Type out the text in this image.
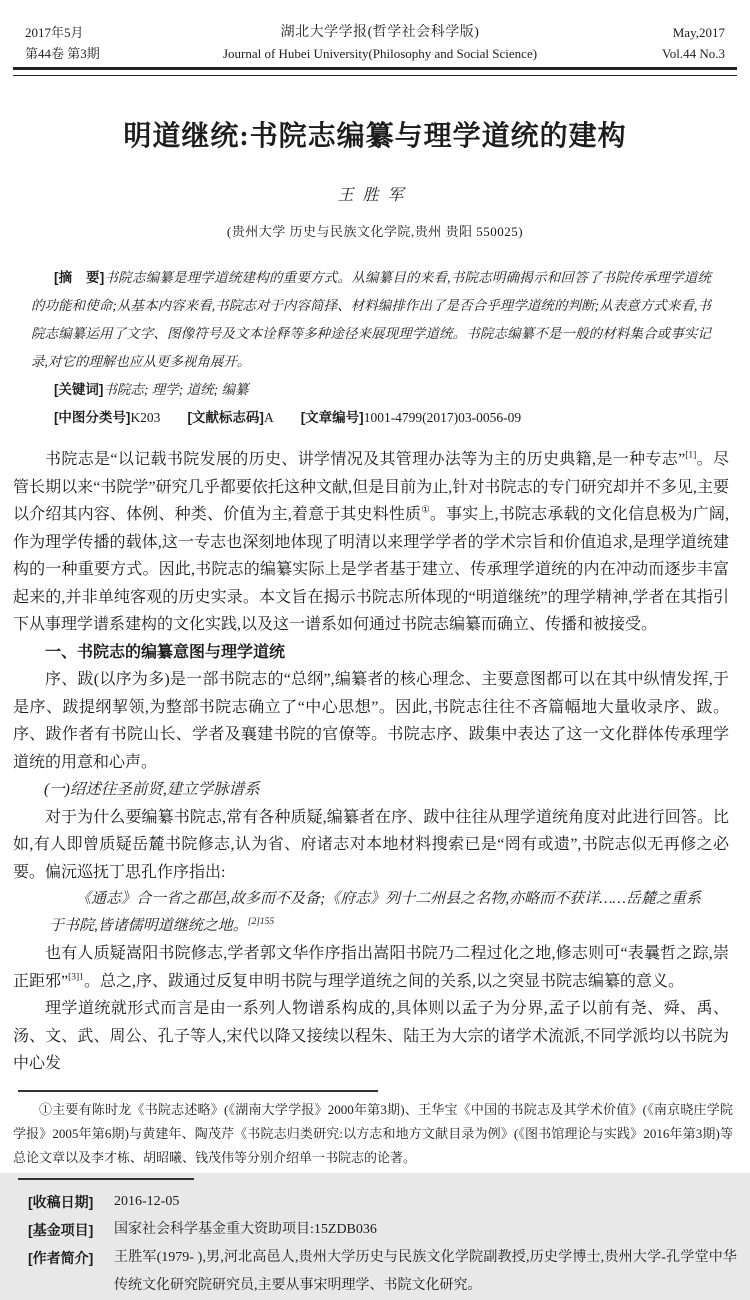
2017年5月
第44卷 第3期
湖北大学学报(哲学社会科学版)
Journal of Hubei University(Philosophy and Social Science)
May,2017
Vol.44 No.3
明道继统:书院志编纂与理学道统的建构
王胜军
(贵州大学 历史与民族文化学院,贵州 贵阳 550025)

[摘　要]书院志编纂是理学道统建构的重要方式。从编纂目的来看,书院志明确揭示和回答了书院传承理学道统的功能和使命;从基本内容来看,书院志对于内容简择、材料编排作出了是否合乎理学道统的判断;从表意方式来看,书院志编纂运用了文字、图像符号及文本诠释等多种途径来展现理学道统。书院志编纂不是一般的材料集合或事实记录,对它的理解也应从更多视角展开。

[关键词]书院志; 理学; 道统; 编纂

[中图分类号]K203 [文献标志码]A [文章编号]1001-4799(2017)03-0056-09

书院志是“以记载书院发展的历史、讲学情况及其管理办法等为主的历史典籍,是一种专志”[1]。尽管长期以来“书院学”研究几乎都要依托这种文献,但是目前为止,针对书院志的专门研究却并不多见,主要以介绍其内容、体例、种类、价值为主,着意于其史料性质①。事实上,书院志承载的文化信息极为广阔,作为理学传播的载体,这一专志也深刻地体现了明清以来理学学者的学术宗旨和价值追求,是理学道统建构的一种重要方式。因此,书院志的编纂实际上是学者基于建立、传承理学道统的内在冲动而逐步丰富起来的,并非单纯客观的历史实录。本文旨在揭示书院志所体现的“明道继统”的理学精神,学者在其指引下从事理学谱系建构的文化实践,以及这一谱系如何通过书院志编纂而确立、传播和被接受。

一、书院志的编纂意图与理学道统

序、跋(以序为多)是一部书院志的“总纲”,编纂者的核心理念、主要意图都可以在其中纵情发挥,于是序、跋提纲挈领,为整部书院志确立了“中心思想”。因此,书院志往往不吝篇幅地大量收录序、跋。序、跋作者有书院山长、学者及襄建书院的官僚等。书院志序、跋集中表达了这一文化群体传承理学道统的用意和心声。

(一)绍述往圣前贤,建立学脉谱系

对于为什么要编纂书院志,常有各种质疑,编纂者在序、跋中往往从理学道统角度对此进行回答。比如,有人即曾质疑岳麓书院修志,认为省、府诸志对本地材料搜索已是“罔有或遗”,书院志似无再修之必要。偏沅巡抚丁思孔作序指出:

《通志》合一省之郡邑,故多而不及备;《府志》列十二州县之名物,亦略而不获详……岳麓之重系于书院,皆诸儒明道继统之地。$^{[2]155}$

也有人质疑嵩阳书院修志,学者郭文华作序指出嵩阳书院乃二程过化之地,修志则可“表曩哲之踪,崇正距邪”$^{[3]1}$。总之,序、跋通过反复申明书院与理学道统之间的关系,以之突显书院志编纂的意义。

理学道统就形式而言是由一系列人物谱系构成的,具体则以孟子为分界,孟子以前有尧、舜、禹、汤、文、武、周公、孔子等人,宋代以降又接续以程朱、陆王为大宗的诸学术流派,不同学派均以书院为中心发

①主要有陈时龙《书院志述略》(《湖南大学学报》2000年第3期)、王华宝《中国的书院志及其学术价值》(《南京晓庄学院学报》2005年第6期)与黄建年、陶茂芹《书院志归类研究:以方志和地方文献目录为例》(《图书馆理论与实践》2016年第3期)等总论文章以及李才栋、胡昭曦、钱茂伟等分别介绍单一书院志的论著。

[收稿日期]	2016-12-05
[基金项目]	国家社会科学基金重大资助项目:15ZDB036
[作者简介]	王胜军(1979- ),男,河北高邑人,贵州大学历史与民族文化学院副教授,历史学博士,贵州大学-孔学堂中华传统文化研究院研究员,主要从事宋明理学、书院文化研究。
